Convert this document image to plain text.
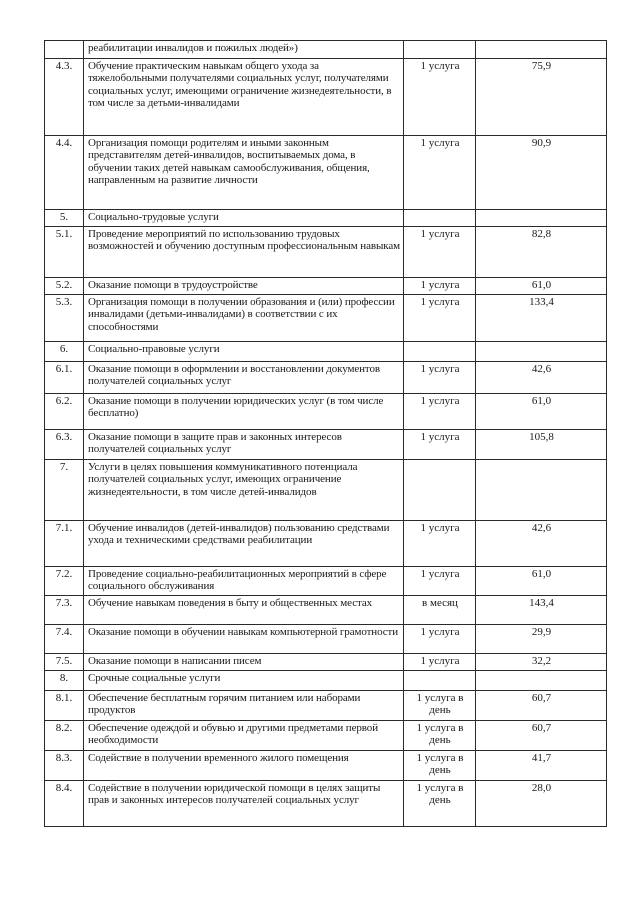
	реабилитации инвалидов и пожилых людей»)		
4.3.	Обучение практическим навыкам общего ухода за тяжелобольными получателями социальных услуг, получателями социальных услуг, имеющими ограничение жизнедеятельности, в том числе за детьми-инвалидами	1 услуга	75,9
4.4.	Организация помощи родителям и иными законным представителям детей-инвалидов, воспитываемых дома, в обучении таких детей навыкам самообслуживания, общения, направленным на развитие личности	1 услуга	90,9
5.	Социально-трудовые услуги		
5.1.	Проведение мероприятий по использованию трудовых возможностей и обучению доступным профессиональным навыкам	1 услуга	82,8
5.2.	Оказание помощи в трудоустройстве	1 услуга	61,0
5.3.	Организация помощи в получении образования и (или) профессии инвалидами (детьми-инвалидами) в соответствии с их способностями	1 услуга	133,4
6.	Социально-правовые услуги		
6.1.	Оказание помощи в оформлении и восстановлении документов получателей социальных услуг	1 услуга	42,6
6.2.	Оказание помощи в получении юридических услуг (в том числе бесплатно)	1 услуга	61,0
6.3.	Оказание помощи в защите прав и законных интересов получателей социальных услуг	1 услуга	105,8
7.	Услуги в целях повышения коммуникативного потенциала получателей социальных услуг, имеющих ограничение жизнедеятельности, в том числе детей-инвалидов		
7.1.	Обучение инвалидов (детей-инвалидов) пользованию средствами ухода и техническими средствами реабилитации	1 услуга	42,6
7.2.	Проведение социально-реабилитационных мероприятий в сфере социального обслуживания	1 услуга	61,0
7.3.	Обучение навыкам поведения в быту и общественных местах	в месяц	143,4
7.4.	Оказание помощи в обучении навыкам компьютерной грамотности	1 услуга	29,9
7.5.	Оказание помощи в написании писем	1 услуга	32,2
8.	Срочные социальные услуги		
8.1.	Обеспечение бесплатным горячим питанием или наборами продуктов	1 услуга в день	60,7
8.2.	Обеспечение одеждой и обувью и другими предметами первой необходимости	1 услуга в день	60,7
8.3.	Содействие в получении временного жилого помещения	1 услуга в день	41,7
8.4.	Содействие в получении юридической помощи в целях защиты прав и законных интересов получателей социальных услуг	1 услуга в день	28,0
